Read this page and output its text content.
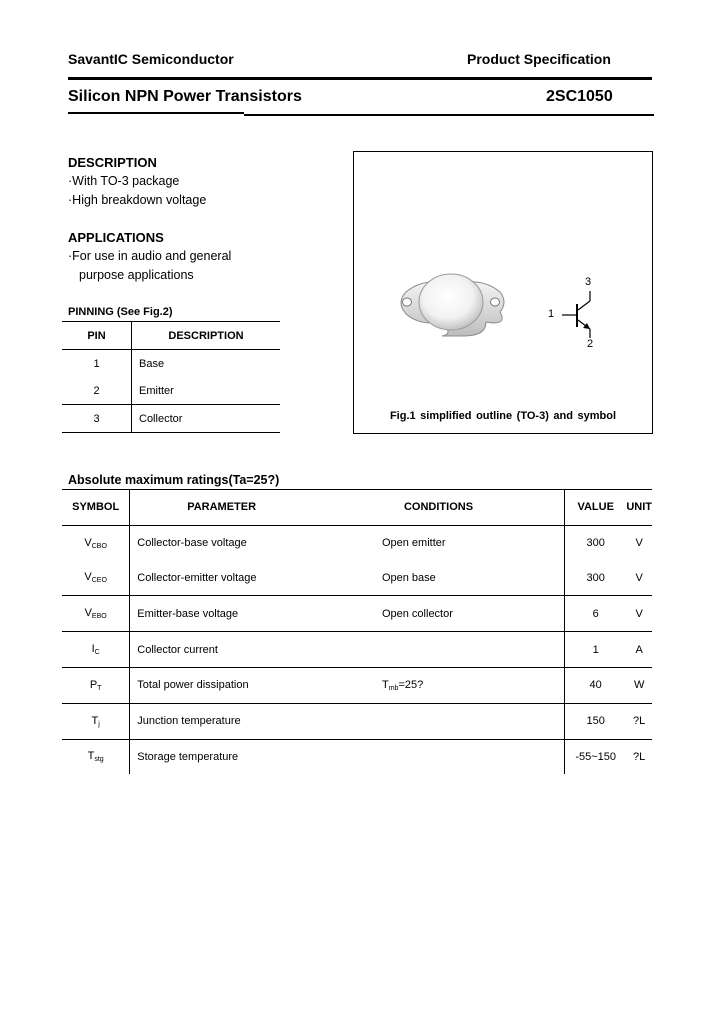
SavantIC Semiconductor	Product Specification
Silicon NPN Power Transistors	2SC1050
DESCRIPTION
·With TO-3 package
·High breakdown voltage
APPLICATIONS
·For use in audio and general
purpose applications
PINNING (See Fig.2)
PIN	DESCRIPTION
1	Base
2	Emitter
3	Collector
1
2
3
Fig.1 simplified outline (TO-3) and symbol
Absolute maximum ratings(Ta=25?)
SYMBOL	PARAMETER	CONDITIONS	VALUE	UNIT
$V_{CBO}$	Collector-base voltage	Open emitter	300	V
$V_{CEO}$	Collector-emitter voltage	Open base	300	V
$V_{EBO}$	Emitter-base voltage	Open collector	6	V
$I_C$	Collector current		1	A
$P_T$	Total power dissipation	$T_{mb}=25$?	40	W
$T_j$	Junction temperature		150	?L
$T_{stg}$	Storage temperature		-55~150	?L
